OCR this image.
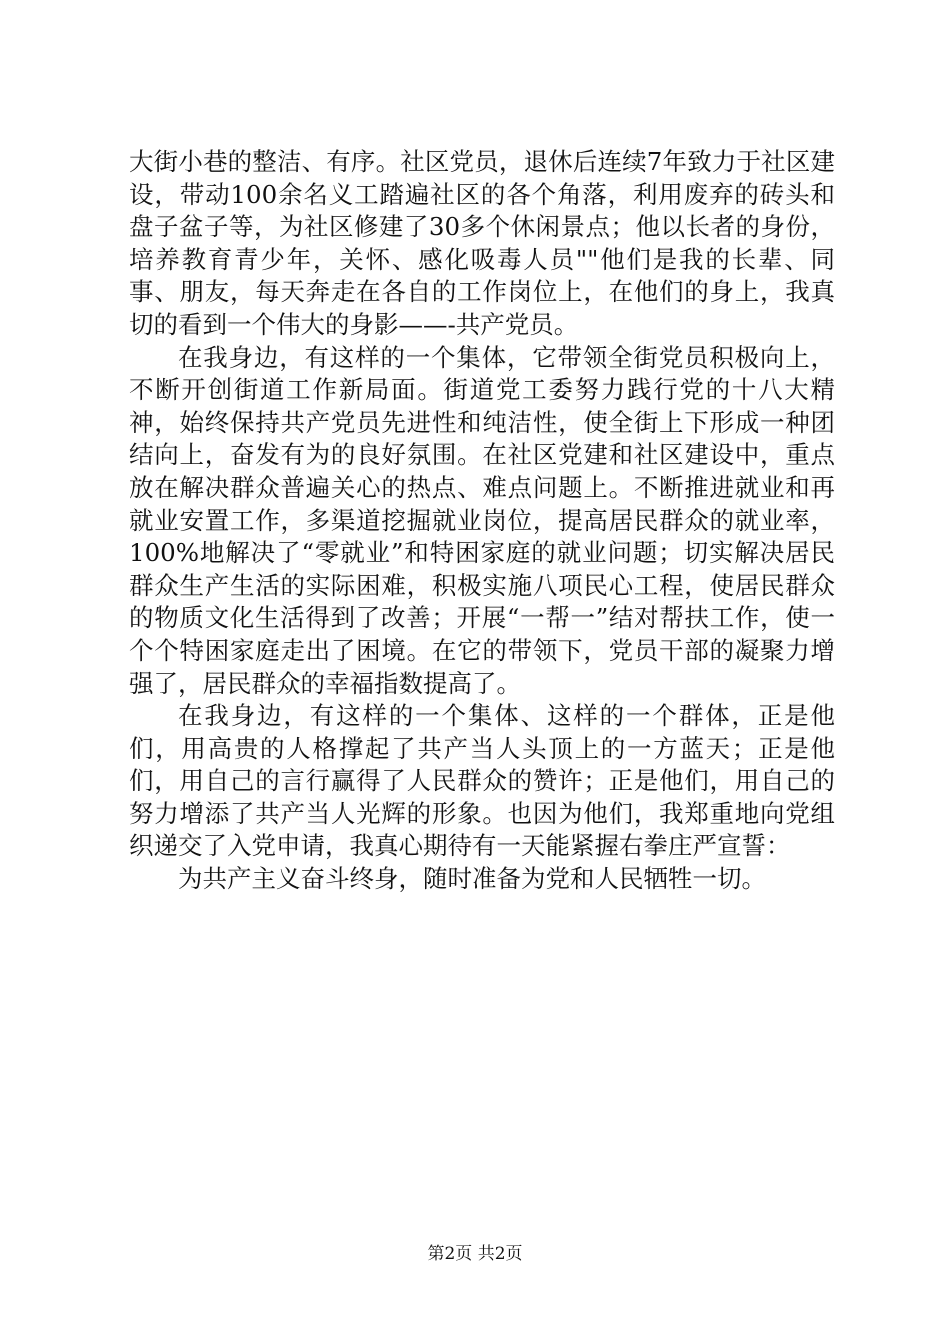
大街小巷的整洁、有序。社区党员，退休后连续7年致力于社区建设，带动100余名义工踏遍社区的各个角落，利用废弃的砖头和盘子盆子等，为社区修建了30多个休闲景点；他以长者的身份，培养教育青少年，关怀、感化吸毒人员""他们是我的长辈、同事、朋友，每天奔走在各自的工作岗位上，在他们的身上，我真切的看到一个伟大的身影——-共产党员。

在我身边，有这样的一个集体，它带领全街党员积极向上，不断开创街道工作新局面。街道党工委努力践行党的十八大精神，始终保持共产党员先进性和纯洁性，使全街上下形成一种团结向上，奋发有为的良好氛围。在社区党建和社区建设中，重点放在解决群众普遍关心的热点、难点问题上。不断推进就业和再就业安置工作，多渠道挖掘就业岗位，提高居民群众的就业率，100%地解决了“零就业”和特困家庭的就业问题；切实解决居民群众生产生活的实际困难，积极实施八项民心工程，使居民群众的物质文化生活得到了改善；开展“一帮一”结对帮扶工作，使一个个特困家庭走出了困境。在它的带领下，党员干部的凝聚力增强了，居民群众的幸福指数提高了。

在我身边，有这样的一个集体、这样的一个群体，正是他们，用高贵的人格撑起了共产当人头顶上的一方蓝天；正是他们，用自己的言行赢得了人民群众的赞许；正是他们，用自己的努力增添了共产当人光辉的形象。也因为他们，我郑重地向党组织递交了入党申请，我真心期待有一天能紧握右拳庄严宣誓：

为共产主义奋斗终身，随时准备为党和人民牺牲一切。

第2页 共2页
